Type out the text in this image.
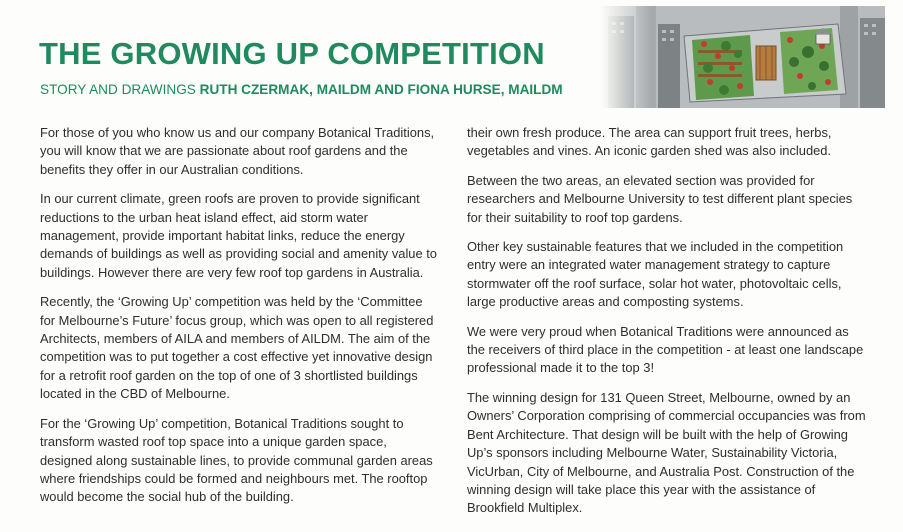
THE GROWING UP COMPETITION
STORY AND DRAWINGS RUTH CZERMAK, MAILDM AND FIONA HURSE, MAILDM

For those of you who know us and our company Botanical Traditions, you will know that we are passionate about roof gardens and the benefits they offer in our Australian conditions.

In our current climate, green roofs are proven to provide significant reductions to the urban heat island effect, aid storm water management, provide important habitat links, reduce the energy demands of buildings as well as providing social and amenity value to buildings. However there are very few roof top gardens in Australia.

Recently, the ‘Growing Up’ competition was held by the ‘Committee for Melbourne’s Future’ focus group, which was open to all registered Architects, members of AILA and members of AILDM. The aim of the competition was to put together a cost effective yet innovative design for a retrofit roof garden on the top of one of 3 shortlisted buildings located in the CBD of Melbourne.

For the ‘Growing Up’ competition, Botanical Traditions sought to transform wasted roof top space into a unique garden space, designed along sustainable lines, to provide communal garden areas where friendships could be formed and neighbours met. The rooftop would become the social hub of the building.

their own fresh produce. The area can support fruit trees, herbs, vegetables and vines. An iconic garden shed was also included.

Between the two areas, an elevated section was provided for researchers and Melbourne University to test different plant species for their suitability to roof top gardens.

Other key sustainable features that we included in the competition entry were an integrated water management strategy to capture stormwater off the roof surface, solar hot water, photovoltaic cells, large productive areas and composting systems.

We were very proud when Botanical Traditions were announced as the receivers of third place in the competition - at least one landscape professional made it to the top 3!

The winning design for 131 Queen Street, Melbourne, owned by an Owners’ Corporation comprising of commercial occupancies was from Bent Architecture. That design will be built with the help of Growing Up’s sponsors including Melbourne Water, Sustainability Victoria, VicUrban, City of Melbourne, and Australia Post. Construction of the winning design will take place this year with the assistance of Brookfield Multiplex.
